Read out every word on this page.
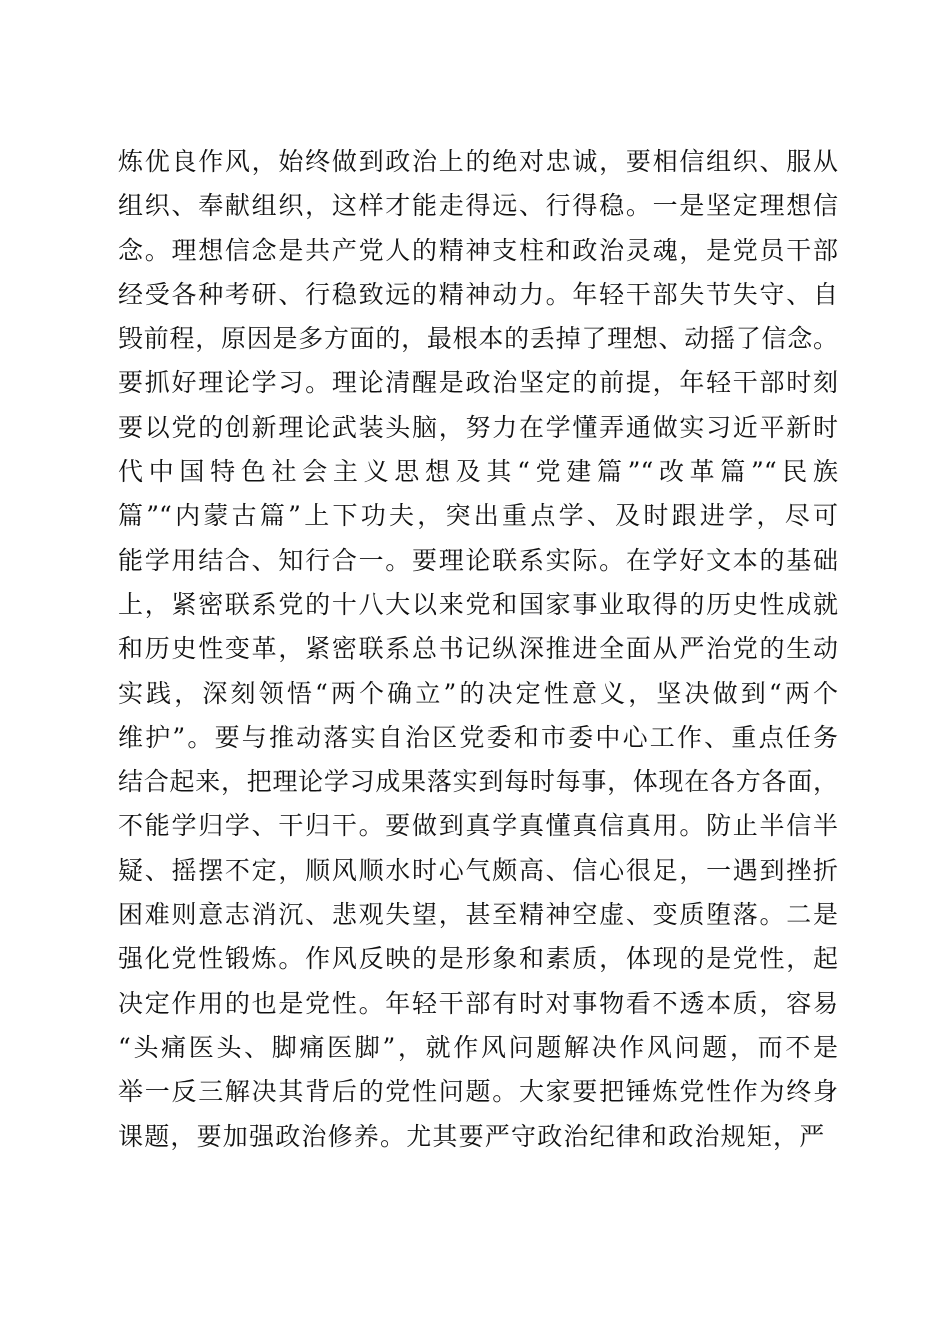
炼优良作风，始终做到政治上的绝对忠诚，要相信组织、服从
组织、奉献组织，这样才能走得远、行得稳。一是坚定理想信
念。理想信念是共产党人的精神支柱和政治灵魂，是党员干部
经受各种考研、行稳致远的精神动力。年轻干部失节失守、自
毁前程，原因是多方面的，最根本的丢掉了理想、动摇了信念。
要抓好理论学习。理论清醒是政治坚定的前提，年轻干部时刻
要以党的创新理论武装头脑，努力在学懂弄通做实习近平新时
代中国特色社会主义思想及其“党建篇”“改革篇”“民族
篇”“内蒙古篇”上下功夫，突出重点学、及时跟进学，尽可
能学用结合、知行合一。要理论联系实际。在学好文本的基础
上，紧密联系党的十八大以来党和国家事业取得的历史性成就
和历史性变革，紧密联系总书记纵深推进全面从严治党的生动
实践，深刻领悟“两个确立”的决定性意义，坚决做到“两个
维护”。要与推动落实自治区党委和市委中心工作、重点任务
结合起来，把理论学习成果落实到每时每事，体现在各方各面，
不能学归学、干归干。要做到真学真懂真信真用。防止半信半
疑、摇摆不定，顺风顺水时心气颇高、信心很足，一遇到挫折
困难则意志消沉、悲观失望，甚至精神空虚、变质堕落。二是
强化党性锻炼。作风反映的是形象和素质，体现的是党性，起
决定作用的也是党性。年轻干部有时对事物看不透本质，容易
“头痛医头、脚痛医脚”，就作风问题解决作风问题，而不是
举一反三解决其背后的党性问题。大家要把锤炼党性作为终身
课题，要加强政治修养。尤其要严守政治纪律和政治规矩，严
